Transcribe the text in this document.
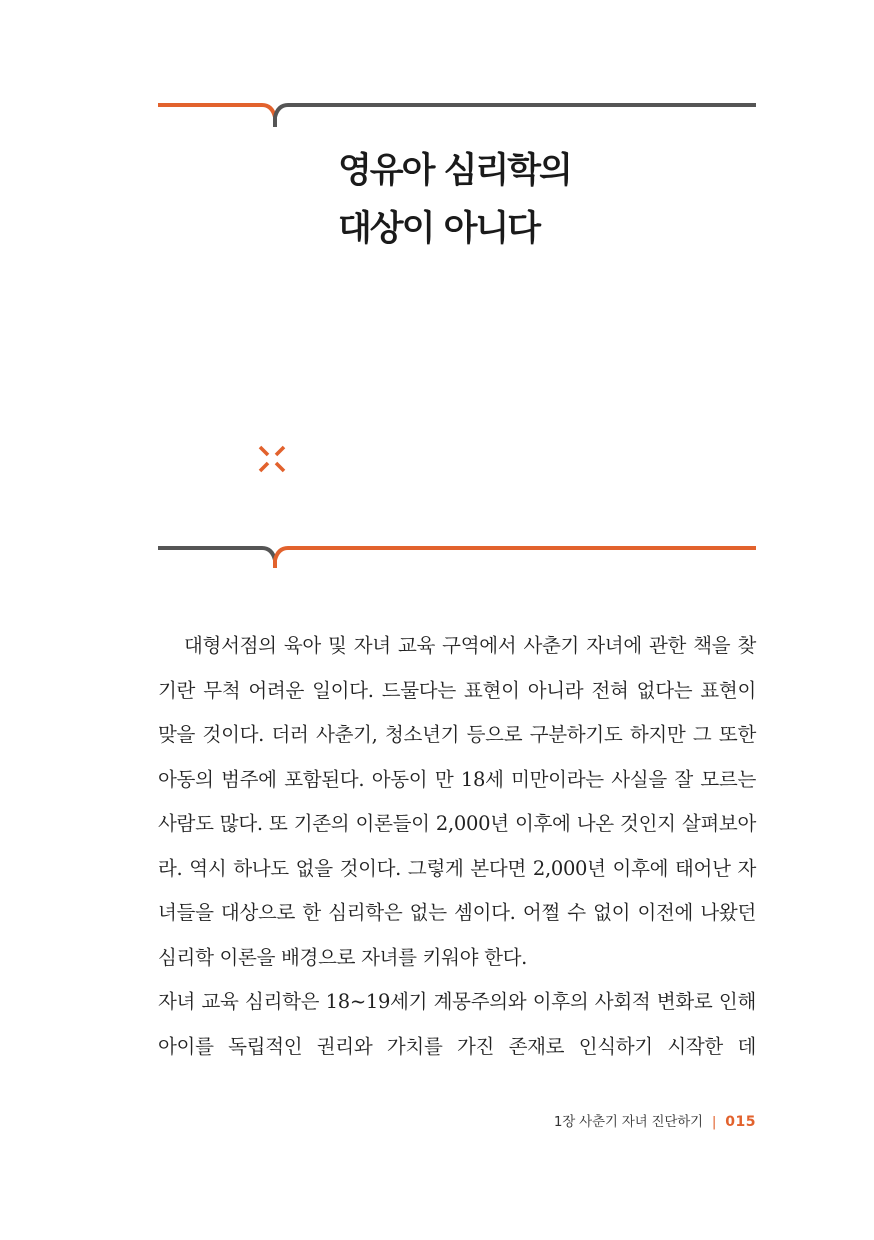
영유아 심리학의
대상이 아니다

대형서점의 육아 및 자녀 교육 구역에서 사춘기 자녀에 관한 책을 찾기란 무척 어려운 일이다. 드물다는 표현이 아니라 전혀 없다는 표현이 맞을 것이다. 더러 사춘기, 청소년기 등으로 구분하기도 하지만 그 또한 아동의 범주에 포함된다. 아동이 만 18세 미만이라는 사실을 잘 모르는 사람도 많다. 또 기존의 이론들이 2,000년 이후에 나온 것인지 살펴보아라. 역시 하나도 없을 것이다. 그렇게 본다면 2,000년 이후에 태어난 자녀들을 대상으로 한 심리학은 없는 셈이다. 어쩔 수 없이 이전에 나왔던 심리학 이론을 배경으로 자녀를 키워야 한다.

자녀 교육 심리학은 18~19세기 계몽주의와 이후의 사회적 변화로 인해 아이를 독립적인 권리와 가치를 가진 존재로 인식하기 시작한 데

1장 사춘기 자녀 진단하기 | 015
